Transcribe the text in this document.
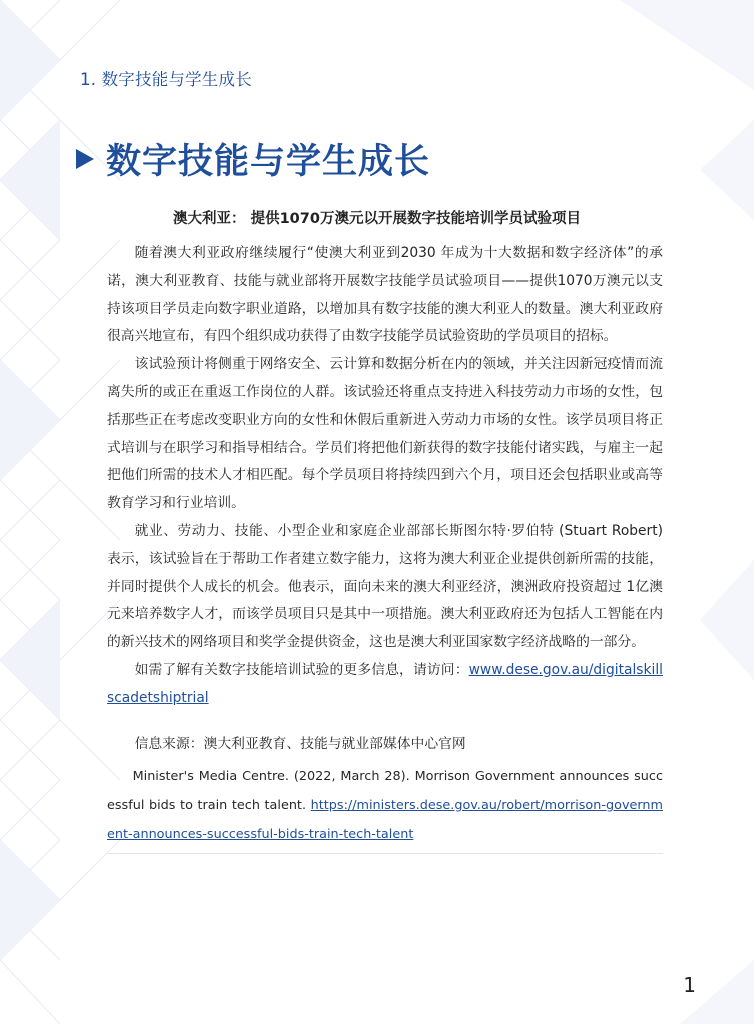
1. 数字技能与学生成长
数字技能与学生成长
澳大利亚： 提供1070万澳元以开展数字技能培训学员试验项目

随着澳大利亚政府继续履行“使澳大利亚到2030 年成为十大数据和数字经济体”的承诺，澳大利亚教育、技能与就业部将开展数字技能学员试验项目——提供1070万澳元以支持该项目学员走向数字职业道路，以增加具有数字技能的澳大利亚人的数量。澳大利亚政府很高兴地宣布，有四个组织成功获得了由数字技能学员试验资助的学员项目的招标。

该试验预计将侧重于网络安全、云计算和数据分析在内的领域，并关注因新冠疫情而流离失所的或正在重返工作岗位的人群。该试验还将重点支持进入科技劳动力市场的女性，包括那些正在考虑改变职业方向的女性和休假后重新进入劳动力市场的女性。该学员项目将正式培训与在职学习和指导相结合。学员们将把他们新获得的数字技能付诸实践，与雇主一起把他们所需的技术人才相匹配。每个学员项目将持续四到六个月，项目还会包括职业或高等教育学习和行业培训。

就业、劳动力、技能、小型企业和家庭企业部部长斯图尔特·罗伯特 (Stuart Robert) 表示，该试验旨在于帮助工作者建立数字能力，这将为澳大利亚企业提供创新所需的技能，并同时提供个人成长的机会。他表示，面向未来的澳大利亚经济，澳洲政府投资超过 1亿澳元来培养数字人才，而该学员项目只是其中一项措施。澳大利亚政府还为包括人工智能在内的新兴技术的网络项目和奖学金提供资金，这也是澳大利亚国家数字经济战略的一部分。

如需了解有关数字技能培训试验的更多信息，请访问：www.dese.gov.au/digitalskillscadetshiptrial

信息来源：澳大利亚教育、技能与就业部媒体中心官网

Minister's Media Centre. (2022, March 28). Morrison Government announces successful bids to train tech talent. https://ministers.dese.gov.au/robert/morrison-government-announces-successful-bids-train-tech-talent

1
